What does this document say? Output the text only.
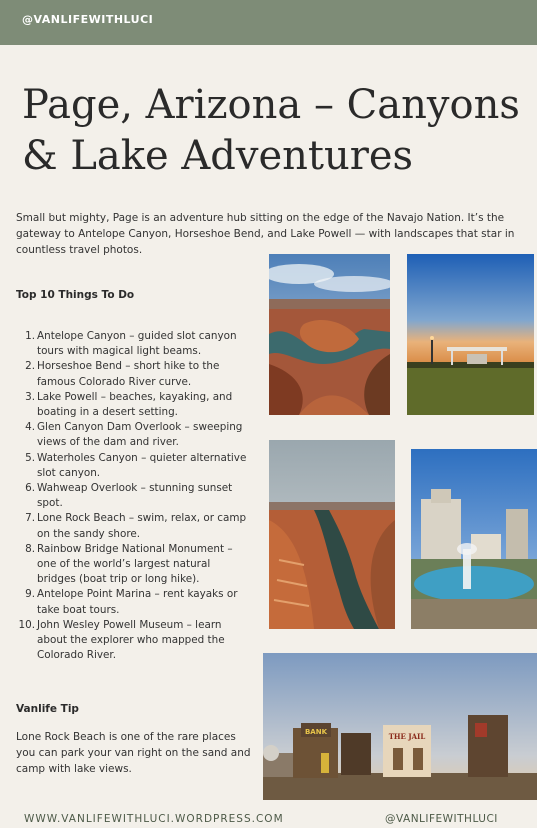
@VANLIFEWITHLUCI
Page, Arizona – Canyons & Lake Adventures

Small but mighty, Page is an adventure hub sitting on the edge of the Navajo Nation. It’s the gateway to Antelope Canyon, Horseshoe Bend, and Lake Powell — with landscapes that star in countless travel photos.

Top 10 Things To Do
1. Antelope Canyon – guided slot canyon tours with magical light beams.
2. Horseshoe Bend – short hike to the famous Colorado River curve.
3. Lake Powell – beaches, kayaking, and boating in a desert setting.
4. Glen Canyon Dam Overlook – sweeping views of the dam and river.
5. Waterholes Canyon – quieter alternative slot canyon.
6. Wahweap Overlook – stunning sunset spot.
7. Lone Rock Beach – swim, relax, or camp on the sandy shore.
8. Rainbow Bridge National Monument – one of the world’s largest natural bridges (boat trip or long hike).
9. Antelope Point Marina – rent kayaks or take boat tours.
10. John Wesley Powell Museum – learn about the explorer who mapped the Colorado River.
Vanlife Tip

Lone Rock Beach is one of the rare places you can park your van right on the sand and camp with lake views.

BANK	THE JAIL
WWW.VANLIFEWITHLUCI.WORDPRESS.COM	@VANLIFEWITHLUCI
